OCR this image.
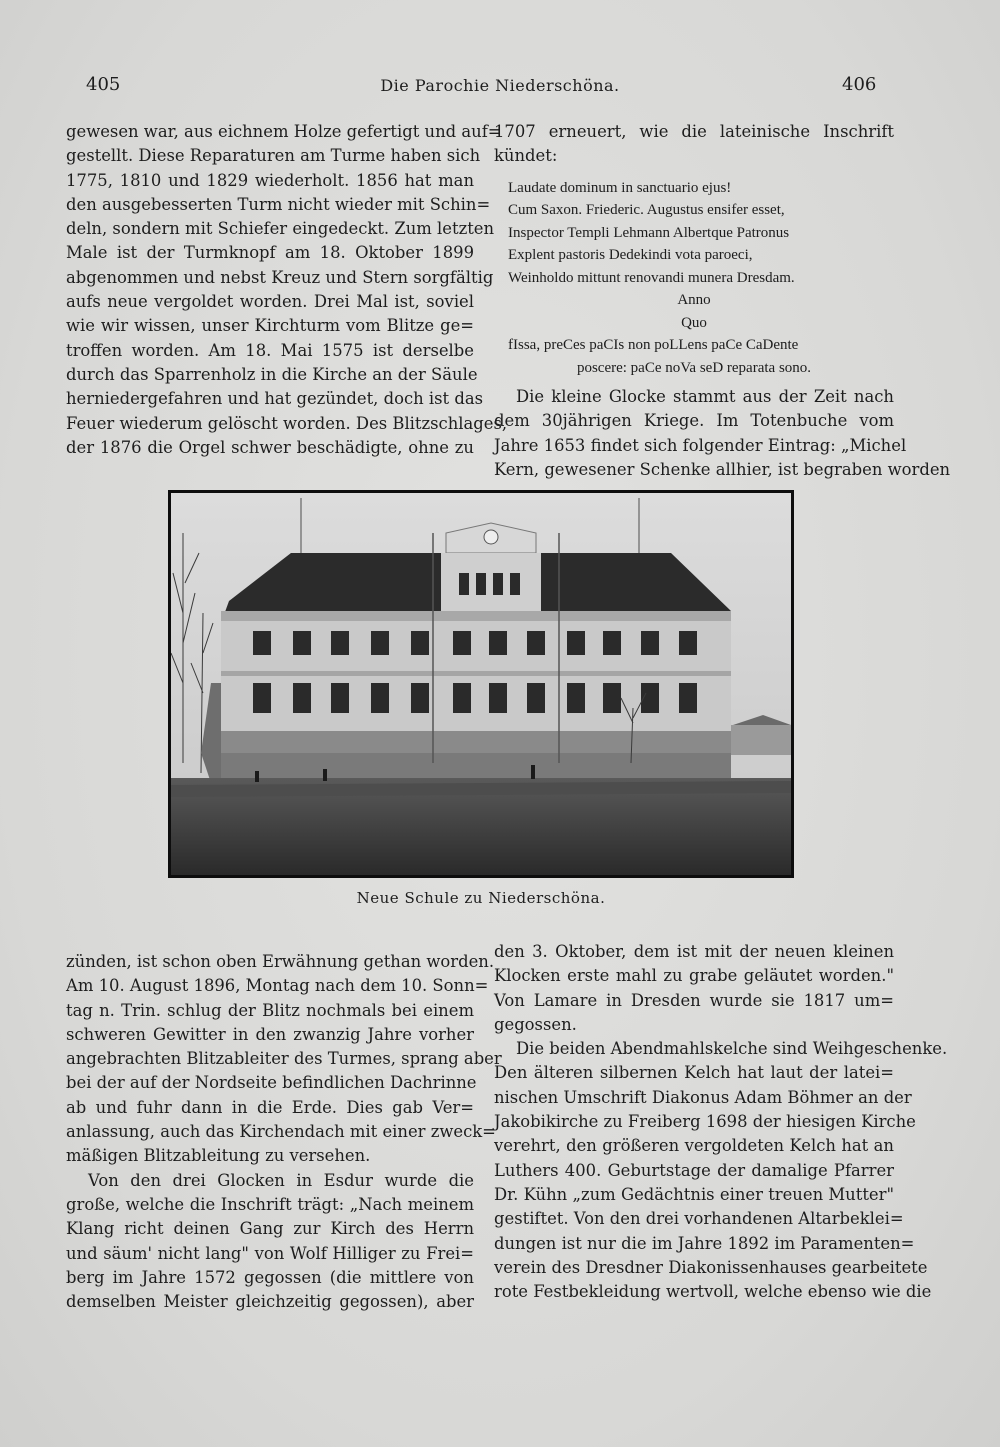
405	Die Parochie Niederschöna.	406
gewesen war, aus eichnem Holze gefertigt und auf=
gestellt. Diese Reparaturen am Turme haben sich
1775, 1810 und 1829 wiederholt. 1856 hat man
den ausgebesserten Turm nicht wieder mit Schin=
deln, sondern mit Schiefer eingedeckt. Zum letzten
Male ist der Turmknopf am 18. Oktober 1899
abgenommen und nebst Kreuz und Stern sorgfältig
aufs neue vergoldet worden. Drei Mal ist, soviel
wie wir wissen, unser Kirchturm vom Blitze ge=
troffen worden. Am 18. Mai 1575 ist derselbe
durch das Sparrenholz in die Kirche an der Säule
herniedergefahren und hat gezündet, doch ist das
Feuer wiederum gelöscht worden. Des Blitzschlages,
der 1876 die Orgel schwer beschädigte, ohne zu
1707 erneuert, wie die lateinische Inschrift
kündet:
Laudate dominum in sanctuario ejus!
Cum Saxon. Friederic. Augustus ensifer esset,
Inspector Templi Lehmann Albertque Patronus
Explent pastoris Dedekindi vota paroeci,
Weinholdo mittunt renovandi munera Dresdam.
Anno
Quo
fIssa, preCes paCIs non poLLens paCe CaDente
poscere: paCe noVa seD reparata sono.
Die kleine Glocke stammt aus der Zeit nach
dem 30jährigen Kriege. Im Totenbuche vom
Jahre 1653 findet sich folgender Eintrag: „Michel
Kern, gewesener Schenke allhier, ist begraben worden
Neue Schule zu Niederschöna.
zünden, ist schon oben Erwähnung gethan worden.
Am 10. August 1896, Montag nach dem 10. Sonn=
tag n. Trin. schlug der Blitz nochmals bei einem
schweren Gewitter in den zwanzig Jahre vorher
angebrachten Blitzableiter des Turmes, sprang aber
bei der auf der Nordseite befindlichen Dachrinne
ab und fuhr dann in die Erde. Dies gab Ver=
anlassung, auch das Kirchendach mit einer zweck=
mäßigen Blitzableitung zu versehen.
Von den drei Glocken in Esdur wurde die
große, welche die Inschrift trägt: „Nach meinem
Klang richt deinen Gang zur Kirch des Herrn
und säum' nicht lang" von Wolf Hilliger zu Frei=
berg im Jahre 1572 gegossen (die mittlere von
demselben Meister gleichzeitig gegossen), aber
den 3. Oktober, dem ist mit der neuen kleinen
Klocken erste mahl zu grabe geläutet worden."
Von Lamare in Dresden wurde sie 1817 um=
gegossen.
Die beiden Abendmahlskelche sind Weihgeschenke.
Den älteren silbernen Kelch hat laut der latei=
nischen Umschrift Diakonus Adam Böhmer an der
Jakobikirche zu Freiberg 1698 der hiesigen Kirche
verehrt, den größeren vergoldeten Kelch hat an
Luthers 400. Geburtstage der damalige Pfarrer
Dr. Kühn „zum Gedächtnis einer treuen Mutter"
gestiftet. Von den drei vorhandenen Altarbeklei=
dungen ist nur die im Jahre 1892 im Paramenten=
verein des Dresdner Diakonissenhauses gearbeitete
rote Festbekleidung wertvoll, welche ebenso wie die
